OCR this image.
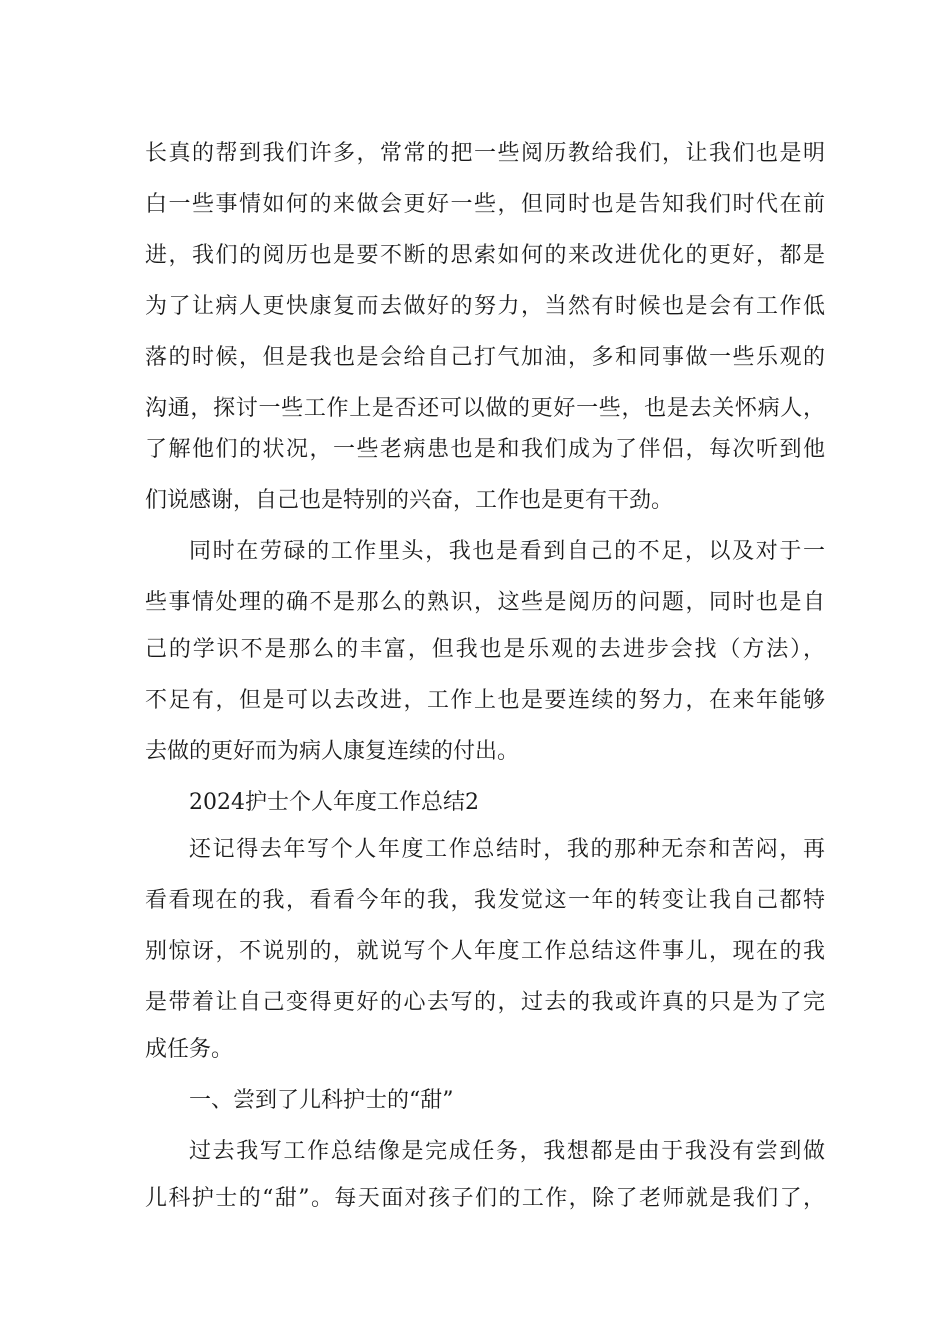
长真的帮到我们许多，常常的把一些阅历教给我们，让我们也是明
白一些事情如何的来做会更好一些，但同时也是告知我们时代在前
进，我们的阅历也是要不断的思索如何的来改进优化的更好，都是
为了让病人更快康复而去做好的努力，当然有时候也是会有工作低
落的时候，但是我也是会给自己打气加油，多和同事做一些乐观的
沟通，探讨一些工作上是否还可以做的更好一些，也是去关怀病人，
了解他们的状况，一些老病患也是和我们成为了伴侣，每次听到他
们说感谢，自己也是特别的兴奋，工作也是更有干劲。
同时在劳碌的工作里头，我也是看到自己的不足，以及对于一
些事情处理的确不是那么的熟识，这些是阅历的问题，同时也是自
己的学识不是那么的丰富，但我也是乐观的去进步会找（方法），
不足有，但是可以去改进，工作上也是要连续的努力，在来年能够
去做的更好而为病人康复连续的付出。
2024护士个人年度工作总结2
还记得去年写个人年度工作总结时，我的那种无奈和苦闷，再
看看现在的我，看看今年的我，我发觉这一年的转变让我自己都特
别惊讶，不说别的，就说写个人年度工作总结这件事儿，现在的我
是带着让自己变得更好的心去写的，过去的我或许真的只是为了完
成任务。
一、尝到了儿科护士的“甜”
过去我写工作总结像是完成任务，我想都是由于我没有尝到做
儿科护士的“甜”。每天面对孩子们的工作，除了老师就是我们了，
